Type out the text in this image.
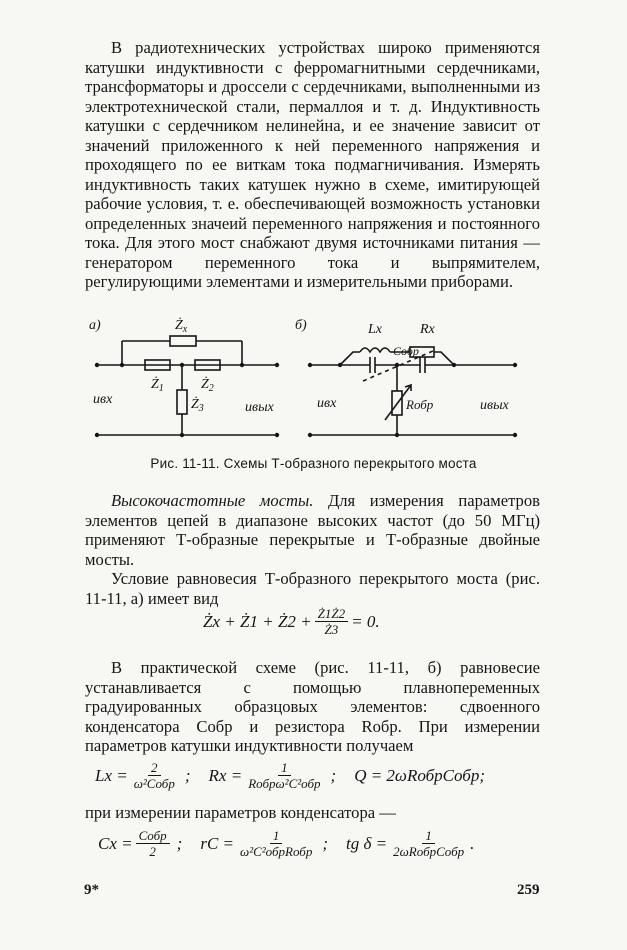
В радиотехнических устройствах широко применяются катушки индуктивности с ферромагнитными сердечниками, трансформаторы и дроссели с сердечниками, выполненными из электротехнической стали, пермаллоя и т. д. Индуктивность катушки с сердечником нелинейна, и ее значение зависит от значений приложенного к ней переменного напряжения и проходящего по ее виткам тока подмагничивания. Измерять индуктивность таких катушек нужно в схеме, имитирующей рабочие условия, т. е. обеспечивающей возможность установки определенных значеий переменного напряжения и постоянного тока. Для этого мост снабжают двумя источниками питания — генератором переменного тока и выпрямителем, регулирующими элементами и измерительными приборами.

а)	б)
$Ż_x$
$Ż_1$	$Ż_2$
$Ż_3$
uвх
uвых
Lx	Rx
Cобр
Rобр
uвх	uвых
Рис. 11-11. Схемы Т-образного перекрытого моста

Высокочастотные мосты. Для измерения параметров элементов цепей в диапазоне высоких частот (до 50 МГц) применяют Т-образные перекрытые и Т-образные двойные мосты.

Условие равновесия Т-образного перекрытого моста (рис. 11-11, а) имеет вид

Żx
+
Ż1
+
Ż2
+ $\frac{Ż1Ż2}{Ż3} = 0$.

В практической схеме (рис. 11-11, б) равновесие устанавливается с помощью плавнопеременных градуированных образцовых элементов: сдвоенного конденсатора Cобр и резистора Rобр. При измерении параметров катушки индуктивности получаем

$Lx = \frac{2}{\text{ω²Cобр}}$ ; $Rx = \frac{1}{\text{Rобрω²C²обр}}$ ; Q = 2ωRобрCобр;

при измерении параметров конденсатора —

$Cx = \frac{\text{Cобр}}{2}$ ; rC = $\frac{1}{\text{ω²C²обрRобр}}$ ; tg $\delta = \frac{1}{\text{2ωRобрCобр}}$ .
9*	259
